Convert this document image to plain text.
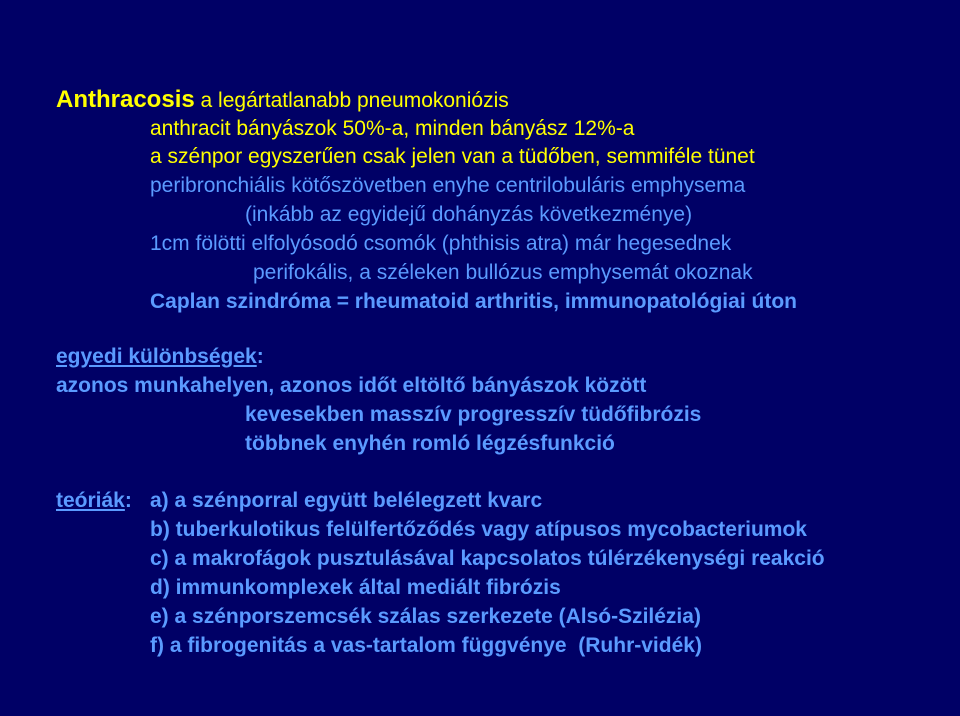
Anthracosis a legártatlanabb pneumokoniózis
anthracit bányászok 50%-a, minden bányász 12%-a
a szénpor egyszerűen csak jelen van a tüdőben, semmiféle tünet
peribronchiális kötőszövetben enyhe centrilobuláris emphysema
(inkább az egyidejű dohányzás következménye)
1cm fölötti elfolyósodó csomók (phthisis atra) már hegesednek
perifokális, a széleken bullózus emphysemát okoznak
Caplan szindróma = rheumatoid arthritis, immunopatológiai úton
egyedi különbségek:
azonos munkahelyen, azonos időt eltöltő bányászok között
kevesekben masszív progresszív tüdőfibrózis
többnek enyhén romló légzésfunkció
teóriák: a) a szénporral együtt belélegzett kvarc
b) tuberkulotikus felülfertőződés vagy atípusos mycobacteriumok
c) a makrofágok pusztulásával kapcsolatos túlérzékenységi reakció
d) immunkomplexek által mediált fibrózis
e) a szénporszemcsék szálas szerkezete (Alsó-Szilézia)
f) a fibrogenitás a vas-tartalom függvénye  (Ruhr-vidék)
